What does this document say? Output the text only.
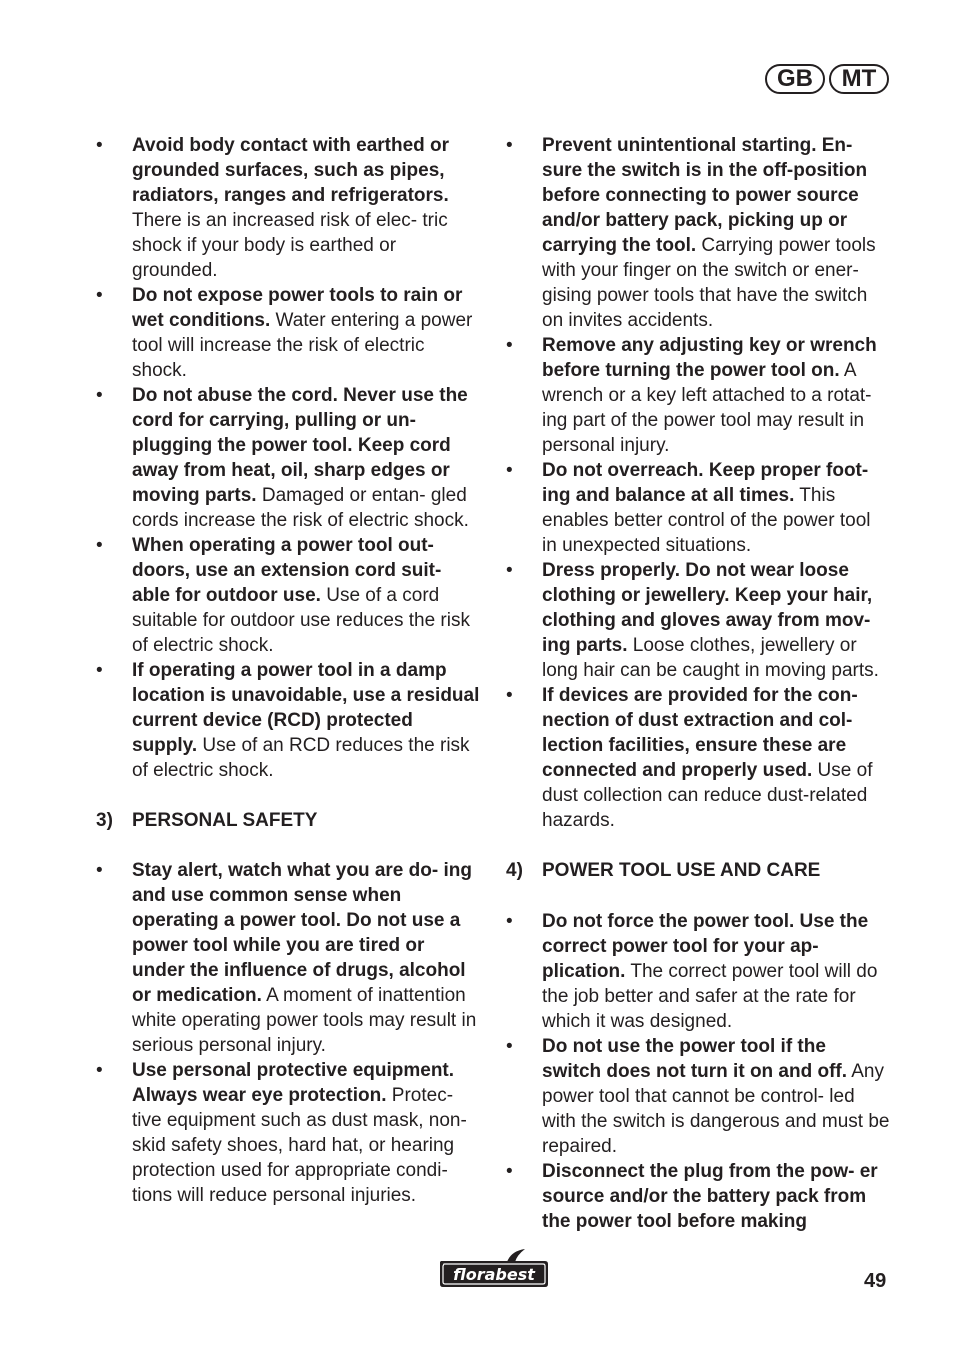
GB	MT
•	Avoid body contact with earthed or grounded surfaces, such as pipes, radiators, ranges and refrigerators. There is an increased risk of elec- tric shock if your body is earthed or grounded.
•	Do not expose power tools to rain or wet conditions. Water entering a power tool will increase the risk of electric shock.
•	Do not abuse the cord. Never use the cord for carrying, pulling or un- plugging the power tool. Keep cord away from heat, oil, sharp edges or moving parts. Damaged or entan- gled cords increase the risk of electric shock.
•	When operating a power tool out- doors, use an extension cord suit- able for outdoor use. Use of a cord suitable for outdoor use reduces the risk of electric shock.
•	If operating a power tool in a damp location is unavoidable, use a residual current device (RCD) protected supply. Use of an RCD reduces the risk of electric shock.
3)	PERSONAL SAFETY
•	Stay alert, watch what you are do- ing and use common sense when operating a power tool. Do not use a power tool while you are tired or under the influence of drugs, alcohol or medication. A moment of inattention white operating power tools may result in serious personal injury.
•	Use personal protective equipment. Always wear eye protection. Protec- tive equipment such as dust mask, non- skid safety shoes, hard hat, or hearing protection used for appropriate condi- tions will reduce personal injuries.
•	Prevent unintentional starting. En- sure the switch is in the off-position before connecting to power source and/or battery pack, picking up or carrying the tool. Carrying power tools with your finger on the switch or ener- gising power tools that have the switch on invites accidents.
•	Remove any adjusting key or wrench before turning the power tool on. A wrench or a key left attached to a rotat- ing part of the power tool may result in personal injury.
•	Do not overreach. Keep proper foot- ing and balance at all times. This enables better control of the power tool in unexpected situations.
•	Dress properly. Do not wear loose clothing or jewellery. Keep your hair, clothing and gloves away from mov- ing parts. Loose clothes, jewellery or long hair can be caught in moving parts.
•	If devices are provided for the con- nection of dust extraction and col- lection facilities, ensure these are connected and properly used. Use of dust collection can reduce dust-related hazards.
4)	POWER TOOL USE AND CARE
•	Do not force the power tool. Use the correct power tool for your ap- plication. The correct power tool will do the job better and safer at the rate for which it was designed.
•	Do not use the power tool if the switch does not turn it on and off. Any power tool that cannot be control- led with the switch is dangerous and must be repaired.
•	Disconnect the plug from the pow- er source and/or the battery pack from the power tool before making
florabest	49
